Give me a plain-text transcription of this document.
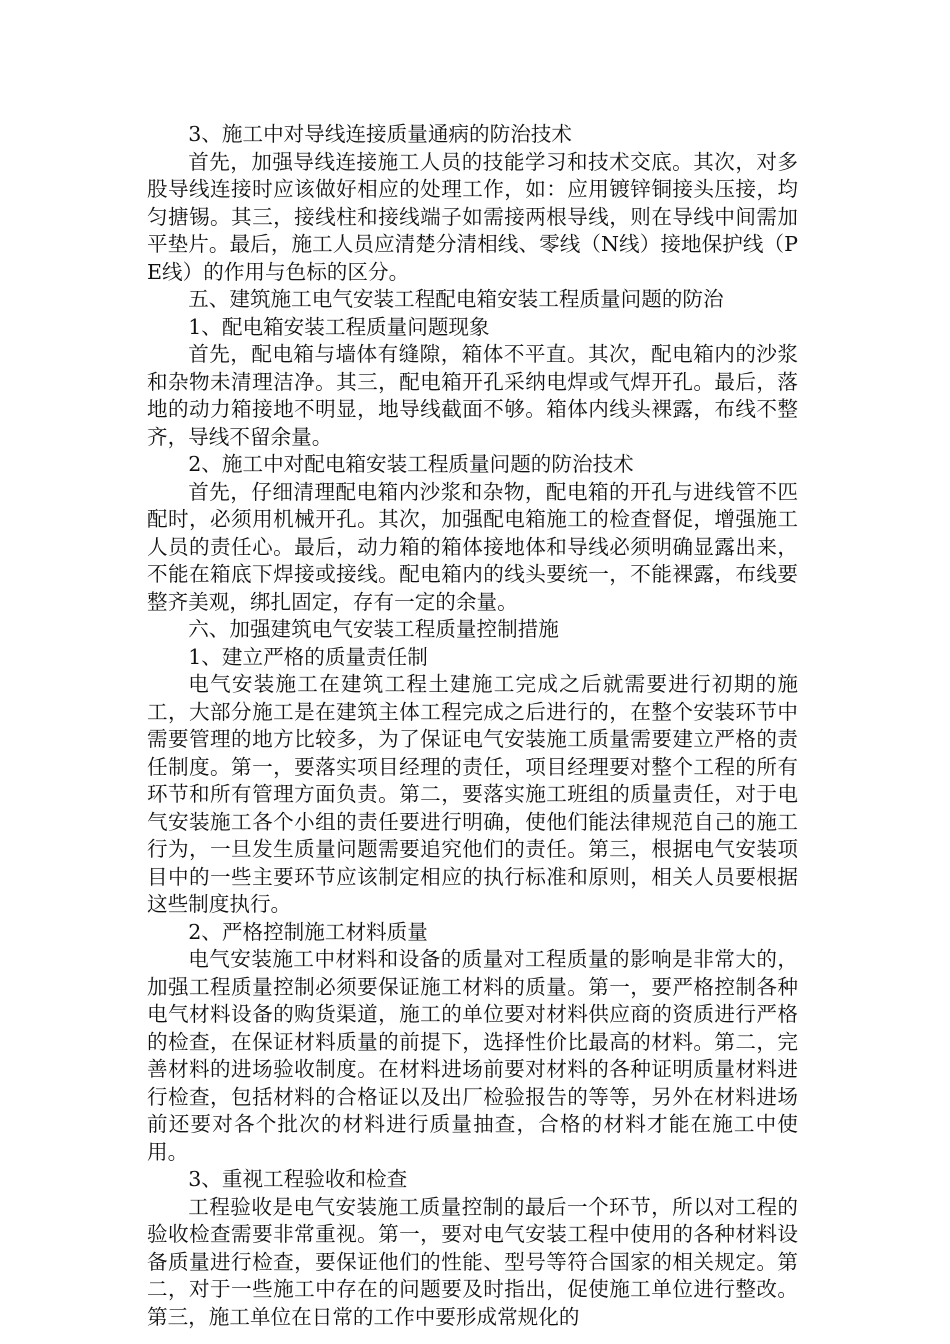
3、施工中对导线连接质量通病的防治技术

首先，加强导线连接施工人员的技能学习和技术交底。其次，对多股导线连接时应该做好相应的处理工作，如：应用镀锌铜接头压接，均匀搪锡。其三，接线柱和接线端子如需接两根导线，则在导线中间需加平垫片。最后，施工人员应清楚分清相线、零线（N线）接地保护线（PE线）的作用与色标的区分。

五、建筑施工电气安装工程配电箱安装工程质量问题的防治

1、配电箱安装工程质量问题现象

首先，配电箱与墙体有缝隙，箱体不平直。其次，配电箱内的沙浆和杂物未清理洁净。其三，配电箱开孔采纳电焊或气焊开孔。最后，落地的动力箱接地不明显，地导线截面不够。箱体内线头裸露，布线不整齐，导线不留余量。

2、施工中对配电箱安装工程质量问题的防治技术

首先，仔细清理配电箱内沙浆和杂物，配电箱的开孔与进线管不匹配时，必须用机械开孔。其次，加强配电箱施工的检查督促，增强施工人员的责任心。最后，动力箱的箱体接地体和导线必须明确显露出来，不能在箱底下焊接或接线。配电箱内的线头要统一，不能裸露，布线要整齐美观，绑扎固定，存有一定的余量。

六、加强建筑电气安装工程质量控制措施

1、建立严格的质量责任制

电气安装施工在建筑工程土建施工完成之后就需要进行初期的施工，大部分施工是在建筑主体工程完成之后进行的，在整个安装环节中需要管理的地方比较多，为了保证电气安装施工质量需要建立严格的责任制度。第一，要落实项目经理的责任，项目经理要对整个工程的所有环节和所有管理方面负责。第二，要落实施工班组的质量责任，对于电气安装施工各个小组的责任要进行明确，使他们能法律规范自己的施工行为，一旦发生质量问题需要追究他们的责任。第三，根据电气安装项目中的一些主要环节应该制定相应的执行标准和原则，相关人员要根据这些制度执行。

2、严格控制施工材料质量

电气安装施工中材料和设备的质量对工程质量的影响是非常大的，加强工程质量控制必须要保证施工材料的质量。第一，要严格控制各种电气材料设备的购货渠道，施工的单位要对材料供应商的资质进行严格的检查，在保证材料质量的前提下，选择性价比最高的材料。第二，完善材料的进场验收制度。在材料进场前要对材料的各种证明质量材料进行检查，包括材料的合格证以及出厂检验报告的等等，另外在材料进场前还要对各个批次的材料进行质量抽查，合格的材料才能在施工中使用。

3、重视工程验收和检查

工程验收是电气安装施工质量控制的最后一个环节，所以对工程的验收检查需要非常重视。第一，要对电气安装工程中使用的各种材料设备质量进行检查，要保证他们的性能、型号等符合国家的相关规定。第二，对于一些施工中存在的问题要及时指出，促使施工单位进行整改。第三，施工单位在日常的工作中要形成常规化的
